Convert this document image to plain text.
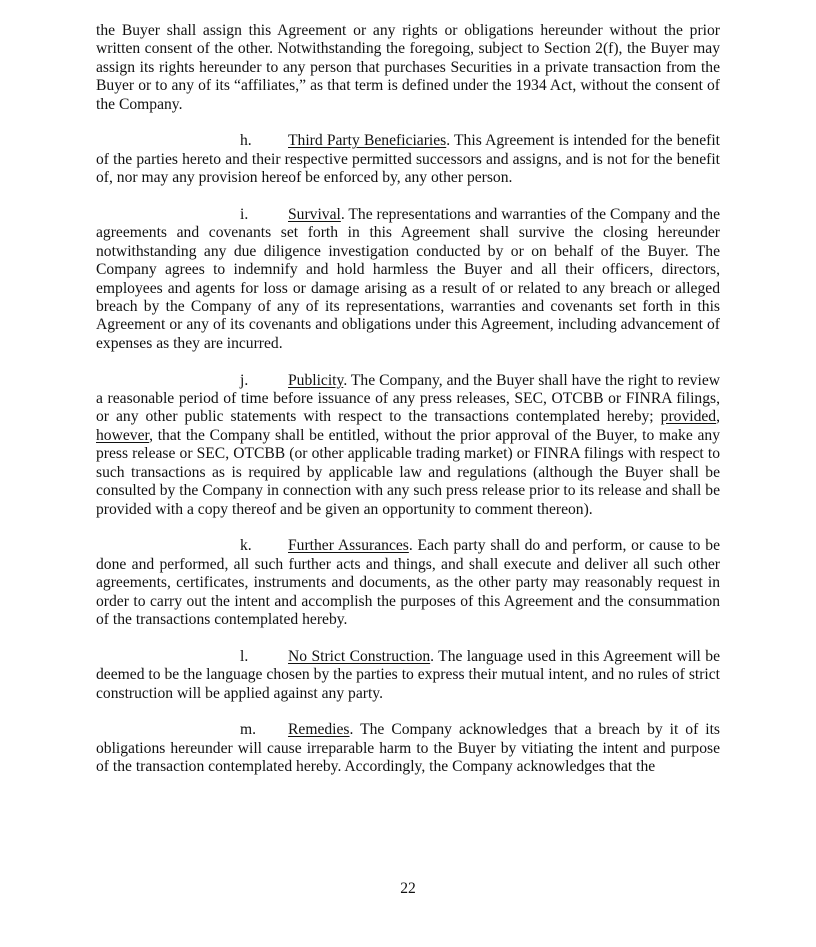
the Buyer shall assign this Agreement or any rights or obligations hereunder without the prior written consent of the other. Notwithstanding the foregoing, subject to Section 2(f), the Buyer may assign its rights hereunder to any person that purchases Securities in a private transaction from the Buyer or to any of its “affiliates,” as that term is defined under the 1934 Act, without the consent of the Company.

h. Third Party Beneficiaries. This Agreement is intended for the benefit of the parties hereto and their respective permitted successors and assigns, and is not for the benefit of, nor may any provision hereof be enforced by, any other person.

i.	Survival. The representations and warranties of the Company and the agreements and covenants set forth in this Agreement shall survive the closing hereunder notwithstanding any due diligence investigation conducted by or on behalf of the Buyer. The Company agrees to indemnify and hold harmless the Buyer and all their officers, directors, employees and agents for loss or damage arising as a result of or related to any breach or alleged breach by the Company of any of its representations, warranties and covenants set forth in this Agreement or any of its covenants and obligations under this Agreement, including advancement of expenses as they are incurred.

j.	Publicity. The Company, and the Buyer shall have the right to review a reasonable period of time before issuance of any press releases, SEC, OTCBB or FINRA filings, or any other public statements with respect to the transactions contemplated hereby; provided, however, that the Company shall be entitled, without the prior approval of the Buyer, to make any press release or SEC, OTCBB (or other applicable trading market) or FINRA filings with respect to such transactions as is required by applicable law and regulations (although the Buyer shall be consulted by the Company in connection with any such press release prior to its release and shall be provided with a copy thereof and be given an opportunity to comment thereon).

k. Further Assurances. Each party shall do and perform, or cause to be done and performed, all such further acts and things, and shall execute and deliver all such other agreements, certificates, instruments and documents, as the other party may reasonably request in order to carry out the intent and accomplish the purposes of this Agreement and the consummation of the transactions contemplated hereby.

l.	No Strict Construction. The language used in this Agreement will be deemed to be the language chosen by the parties to express their mutual intent, and no rules of strict construction will be applied against any party.

m. Remedies. The Company acknowledges that a breach by it of its obligations hereunder will cause irreparable harm to the Buyer by vitiating the intent and purpose of the transaction contemplated hereby. Accordingly, the Company acknowledges that the

22
